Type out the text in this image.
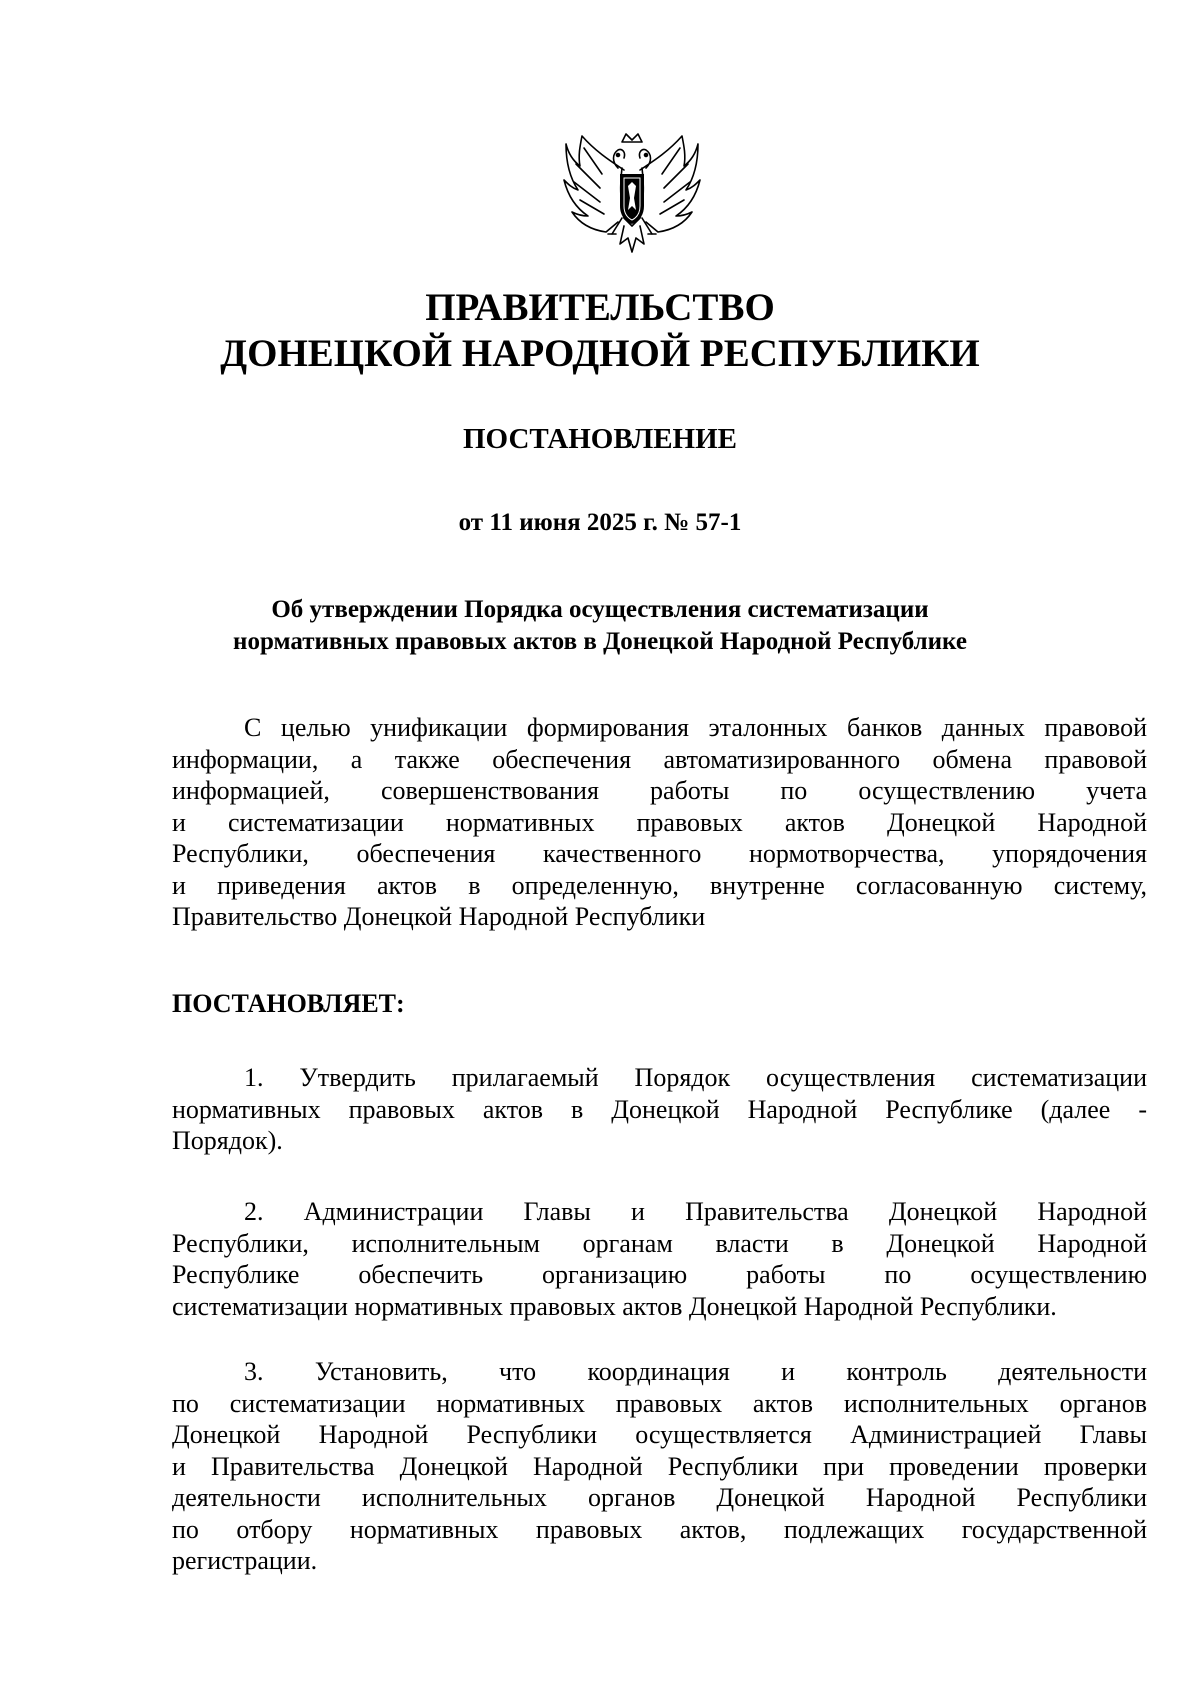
ПРАВИТЕЛЬСТВО
ДОНЕЦКОЙ НАРОДНОЙ РЕСПУБЛИКИ
ПОСТАНОВЛЕНИЕ
от 11 июня 2025 г. № 57-1
Об утверждении Порядка осуществления систематизации
нормативных правовых актов в Донецкой Народной Республике
С целью унификации формирования эталонных банков данных правовой
информации, а также обеспечения автоматизированного обмена правовой
информацией, совершенствования работы по осуществлению учета
и систематизации нормативных правовых актов Донецкой Народной
Республики, обеспечения качественного нормотворчества, упорядочения
и приведения актов в определенную, внутренне согласованную систему,
Правительство Донецкой Народной Республики
ПОСТАНОВЛЯЕТ:
1. Утвердить прилагаемый Порядок осуществления систематизации
нормативных правовых актов в Донецкой Народной Республике (далее -
Порядок).
2. Администрации Главы и Правительства Донецкой Народной
Республики, исполнительным органам власти в Донецкой Народной
Республике обеспечить организацию работы по осуществлению
систематизации нормативных правовых актов Донецкой Народной Республики.
3. Установить, что координация и контроль деятельности
по систематизации нормативных правовых актов исполнительных органов
Донецкой Народной Республики осуществляется Администрацией Главы
и Правительства Донецкой Народной Республики при проведении проверки
деятельности исполнительных органов Донецкой Народной Республики
по отбору нормативных правовых актов, подлежащих государственной
регистрации.
